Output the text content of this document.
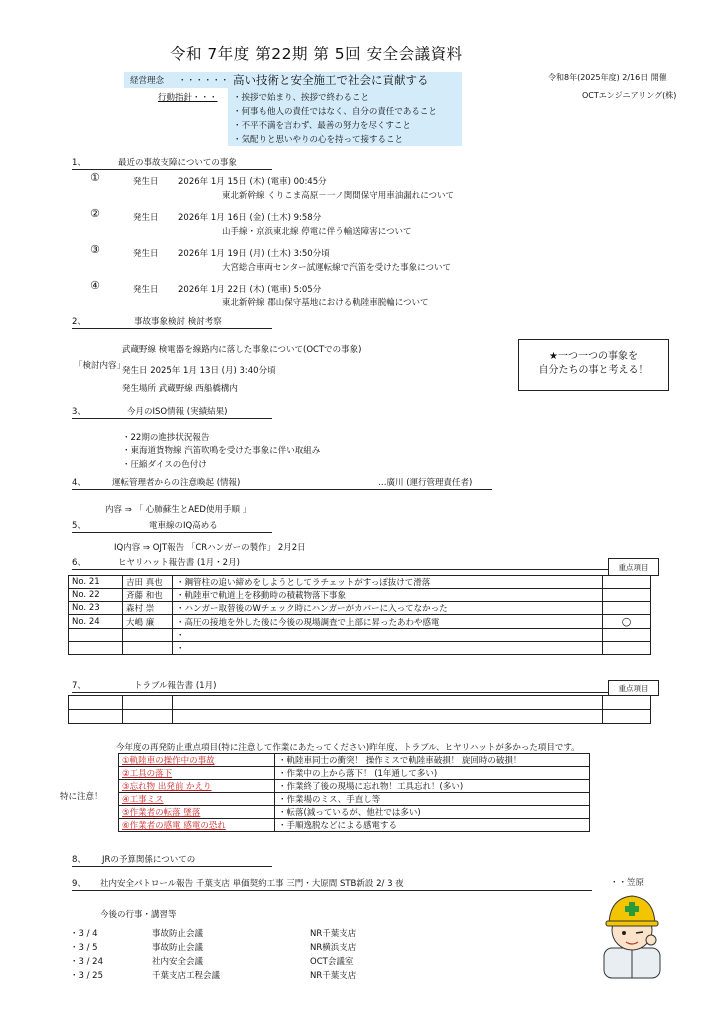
令和 7年度 第22期 第 5回 安全会議資料
経営理念 ・・・・・・ 高い技術と安全施工で社会に貢献する
行動指針・・・ ・挨拶で始まり、挨拶で終わること
・何事も他人の責任ではなく、自分の責任であること
・不平不満を言わず、最善の努力を尽くすこと
・気配りと思いやりの心を持って接すること
令和8年(2025年度) 2/16日 開催
OCTエンジニアリング(株)
1、	最近の事故支障についての事象
①	発生日 2026年 1月 15日 (木) (電車) 00:45分
東北新幹線 くりこま高原－一ノ関間保守用車油漏れについて
②	発生日 2026年 1月 16日 (金) (土木) 9:58分
山手線・京浜東北線 停電に伴う輸送障害について
③	発生日 2026年 1月 19日 (月) (土木) 3:50分頃
大宮総合車両センター試運転線で汽笛を受けた事象について
④	発生日 2026年 1月 22日 (木) (電車) 5:05分
東北新幹線 郡山保守基地における軌陸車脱輪について
2、	事故事象検討 検討考察
武蔵野線 検電器を線路内に落した事象について(OCTでの事象)
「検討内容」
発生日 2025年 1月 13日 (月) 3:40分頃
発生場所 武蔵野線 西船橋構内
★一つ一つの事象を
自分たちの事と考える！
3、	今月のISO情報 (実績結果)
・22期の進捗状況報告
・東海道貨物線 汽笛吹鳴を受けた事象に伴い取組み
・圧縮ダイスの色付け
4、	運転管理者からの注意喚起 (情報)	…廣川 (運行管理責任者)
内容 ⇒ 「 心肺蘇生とAED使用手順 」
5、	電車線のIQ高める
IQ内容 ⇒ OJT報告 「CRハンガーの製作」 2月2日
6、	ヒヤリハット報告書 (1月・2月)	重点項目
No. 21	吉田 真也	・鋼管柱の追い締めをしようとしてラチェットがすっぽ抜けて滑落	
No. 22	斉藤 和也	・軌陸車で軌道上を移動時の積載物落下事象	
No. 23	森村 崇	・ハンガー取替後のWチェック時にハンガーがカバーに入ってなかった	
No. 24	大嶋 廉	・高圧の接地を外した後に今後の現場調査で上部に昇ったあわや感電	○
		・	
		・	
7、	トラブル報告書 (1月)	重点項目

今年度の再発防止重点項目(特に注意して作業にあたってください)昨年度、トラブル、ヒヤリハットが多かった項目です。
特に注意！
①軌陸車の操作中の事故	・軌陸車同士の衝突！ 操作ミスで軌陸車破損！ 旋回時の破損！
②工具の落下	・作業中の上から落下！ (1年通して多い)
③忘れ物 出発前 かえり	・作業終了後の現場に忘れ物！工具忘れ！(多い)
④工事ミス	・作業場のミス、手直し等
⑤作業者の転落 墜落	・転落(減っているが、他社では多い)
⑥作業者の感電 感電の恐れ	・手順逸脱などによる感電する
8、 JRの予算関係についての
9、 社内安全パトロール報告 千葉支店 単価契約工事 三門・大原間 STB新設 2/ 3 夜	・・笠原
今後の行事・講習等
・3 / 4	事故防止会議	NR千葉支店
・3 / 5	事故防止会議	NR横浜支店
・3 / 24	社内安全会議	OCT会議室
・3 / 25	千葉支店工程会議	NR千葉支店
